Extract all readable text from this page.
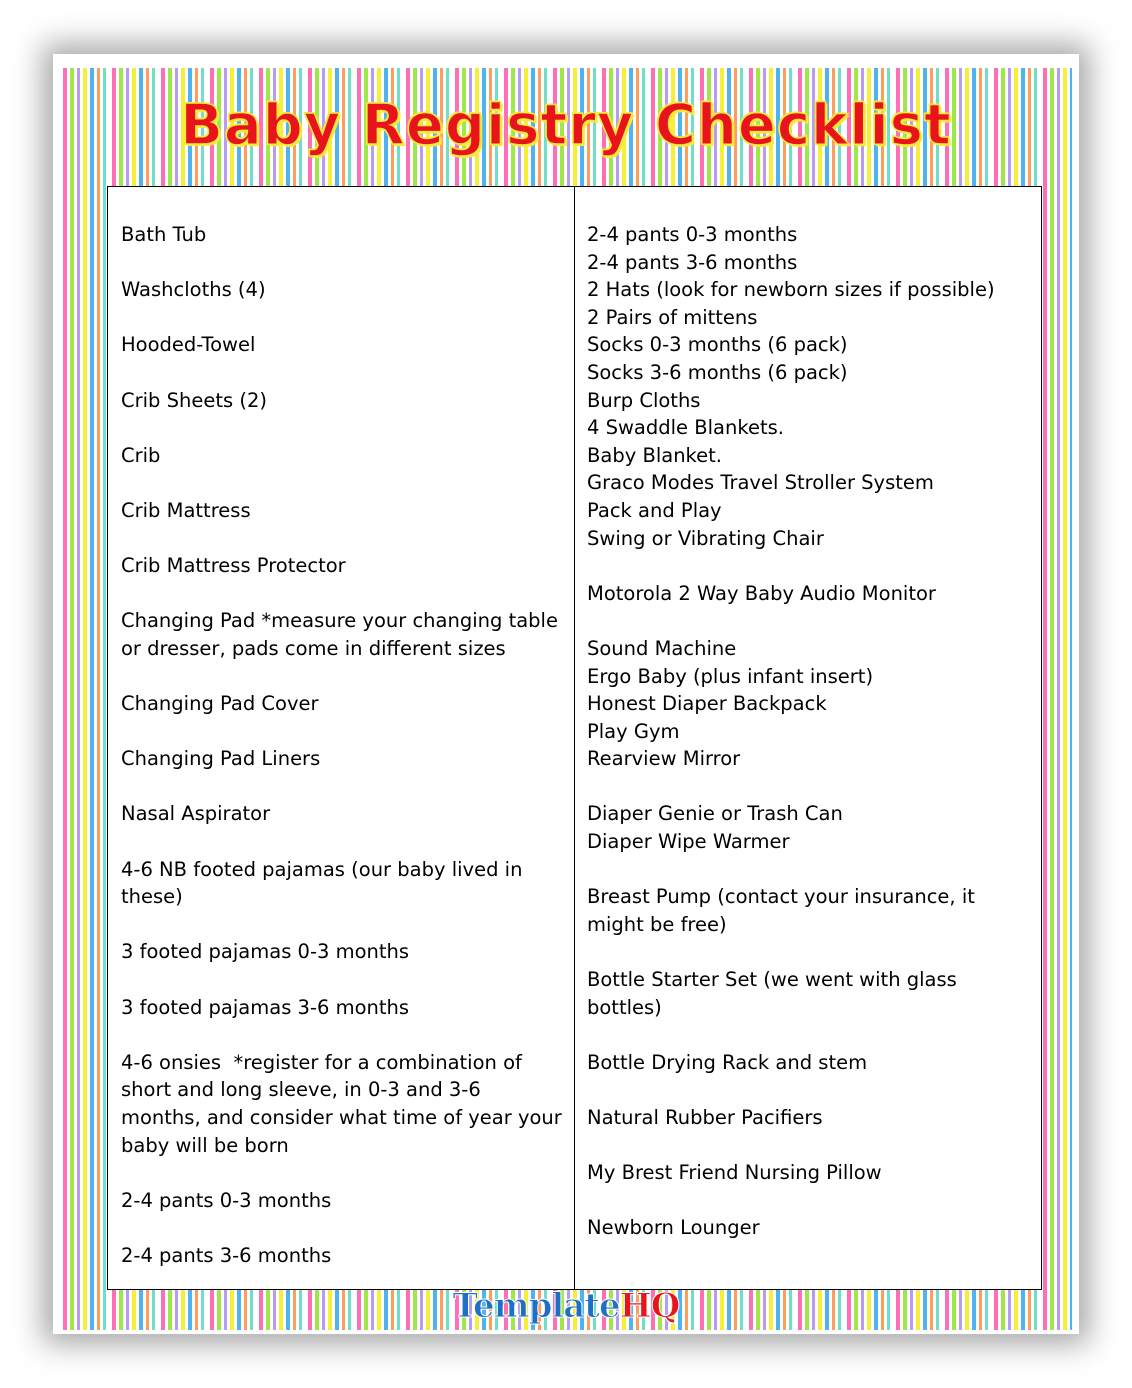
Baby Registry Checklist
Bath Tub
Washcloths (4)
Hooded-Towel
Crib Sheets (2)
Crib
Crib Mattress
Crib Mattress Protector
Changing Pad *measure your changing table or dresser, pads come in different sizes
Changing Pad Cover
Changing Pad Liners
Nasal Aspirator
4-6 NB footed pajamas (our baby lived in these)
3 footed pajamas 0-3 months
3 footed pajamas 3-6 months
4-6 onsies  *register for a combination of short and long sleeve, in 0-3 and 3-6 months, and consider what time of year your baby will be born
2-4 pants 0-3 months
2-4 pants 3-6 months
2-4 pants 0-3 months
2-4 pants 3-6 months
2 Hats (look for newborn sizes if possible)
2 Pairs of mittens
Socks 0-3 months (6 pack)
Socks 3-6 months (6 pack)
Burp Cloths
4 Swaddle Blankets.
Baby Blanket.
Graco Modes Travel Stroller System
Pack and Play
Swing or Vibrating Chair
Motorola 2 Way Baby Audio Monitor
Sound Machine
Ergo Baby (plus infant insert)
Honest Diaper Backpack
Play Gym
Rearview Mirror
Diaper Genie or Trash Can
Diaper Wipe Warmer
Breast Pump (contact your insurance, it might be free)
Bottle Starter Set (we went with glass bottles)
Bottle Drying Rack and stem
Natural Rubber Pacifiers
My Brest Friend Nursing Pillow
Newborn Lounger
TemplateHQ
